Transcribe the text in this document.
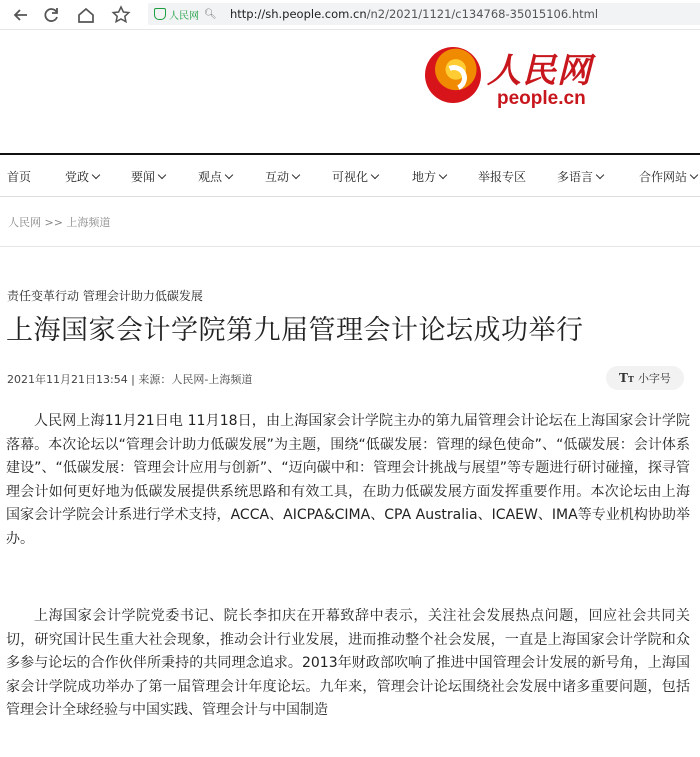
人民网 🔍︎ http://sh.people.com.cn/n2/2021/1121/c134768-35015106.html
人民网
people.cn
首页	党政	要闻	观点	互动	可视化	地方	举报专区	多语言	合作网站
人民网 >> 上海频道
责任变革行动 管理会计助力低碳发展
上海国家会计学院第九届管理会计论坛成功举行
2021年11月21日13:54 | 来源：人民网-上海频道	TT 小字号

人民网上海11月21日电 11月18日，由上海国家会计学院主办的第九届管理会计论坛在上海国家会计学院落幕。本次论坛以“管理会计助力低碳发展”为主题，围绕“低碳发展：管理的绿色使命”、“低碳发展：会计体系建设”、“低碳发展：管理会计应用与创新”、“迈向碳中和：管理会计挑战与展望”等专题进行研讨碰撞，探寻管理会计如何更好地为低碳发展提供系统思路和有效工具，在助力低碳发展方面发挥重要作用。本次论坛由上海国家会计学院会计系进行学术支持，ACCA、AICPA&CIMA、CPA Australia、ICAEW、IMA等专业机构协助举办。

上海国家会计学院党委书记、院长李扣庆在开幕致辞中表示，关注社会发展热点问题，回应社会共同关切，研究国计民生重大社会现象，推动会计行业发展，进而推动整个社会发展，一直是上海国家会计学院和众多参与论坛的合作伙伴所秉持的共同理念追求。2013年财政部吹响了推进中国管理会计发展的新号角，上海国家会计学院成功举办了第一届管理会计年度论坛。九年来，管理会计论坛围绕社会发展中诸多重要问题，包括管理会计全球经验与中国实践、管理会计与中国制造
